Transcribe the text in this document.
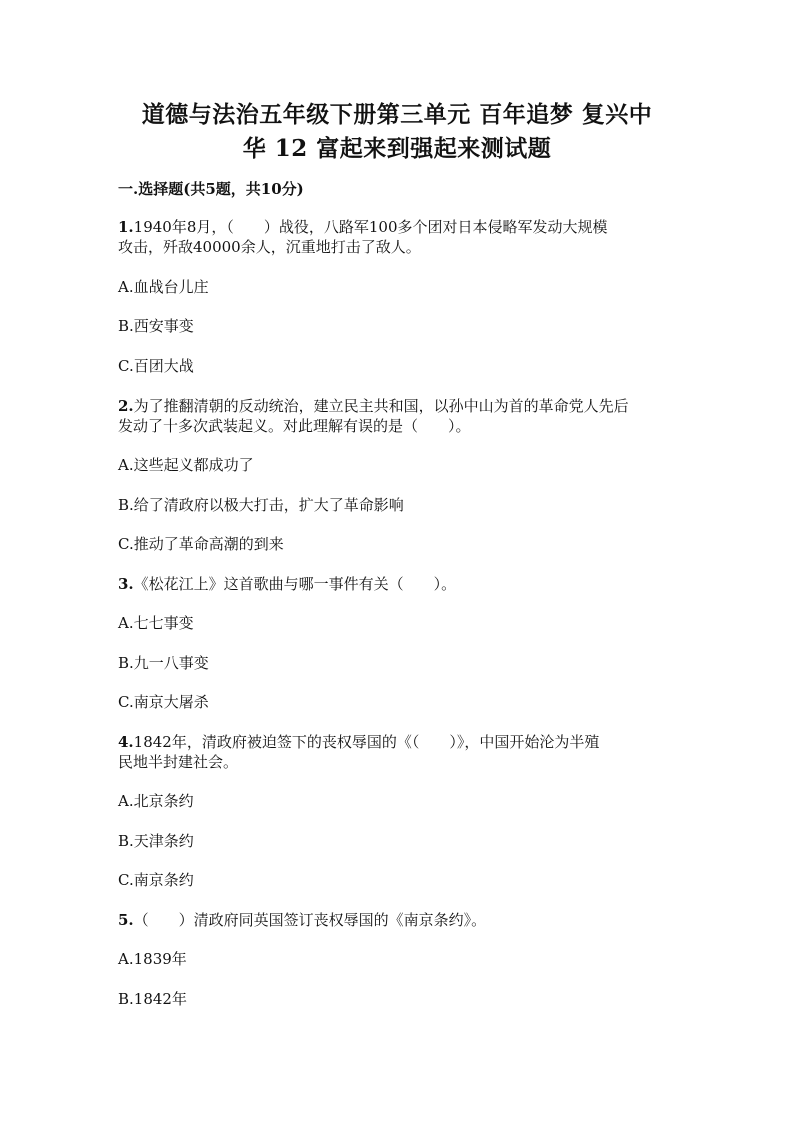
道德与法治五年级下册第三单元 百年追梦 复兴中
华 12 富起来到强起来测试题
一.选择题(共5题，共10分)
1.1940年8月，（　　）战役，八路军100多个团对日本侵略军发动大规模
攻击，歼敌40000余人，沉重地打击了敌人。
A.血战台儿庄
B.西安事变
C.百团大战
2.为了推翻清朝的反动统治，建立民主共和国，以孙中山为首的革命党人先后
发动了十多次武装起义。对此理解有误的是（　　）。
A.这些起义都成功了
B.给了清政府以极大打击，扩大了革命影响
C.推动了革命高潮的到来
3.《松花江上》这首歌曲与哪一事件有关（　　）。
A.七七事变
B.九一八事变
C.南京大屠杀
4.1842年，清政府被迫签下的丧权辱国的《（　　）》，中国开始沦为半殖
民地半封建社会。
A.北京条约
B.天津条约
C.南京条约
5.（　　）清政府同英国签订丧权辱国的《南京条约》。
A.1839年
B.1842年
